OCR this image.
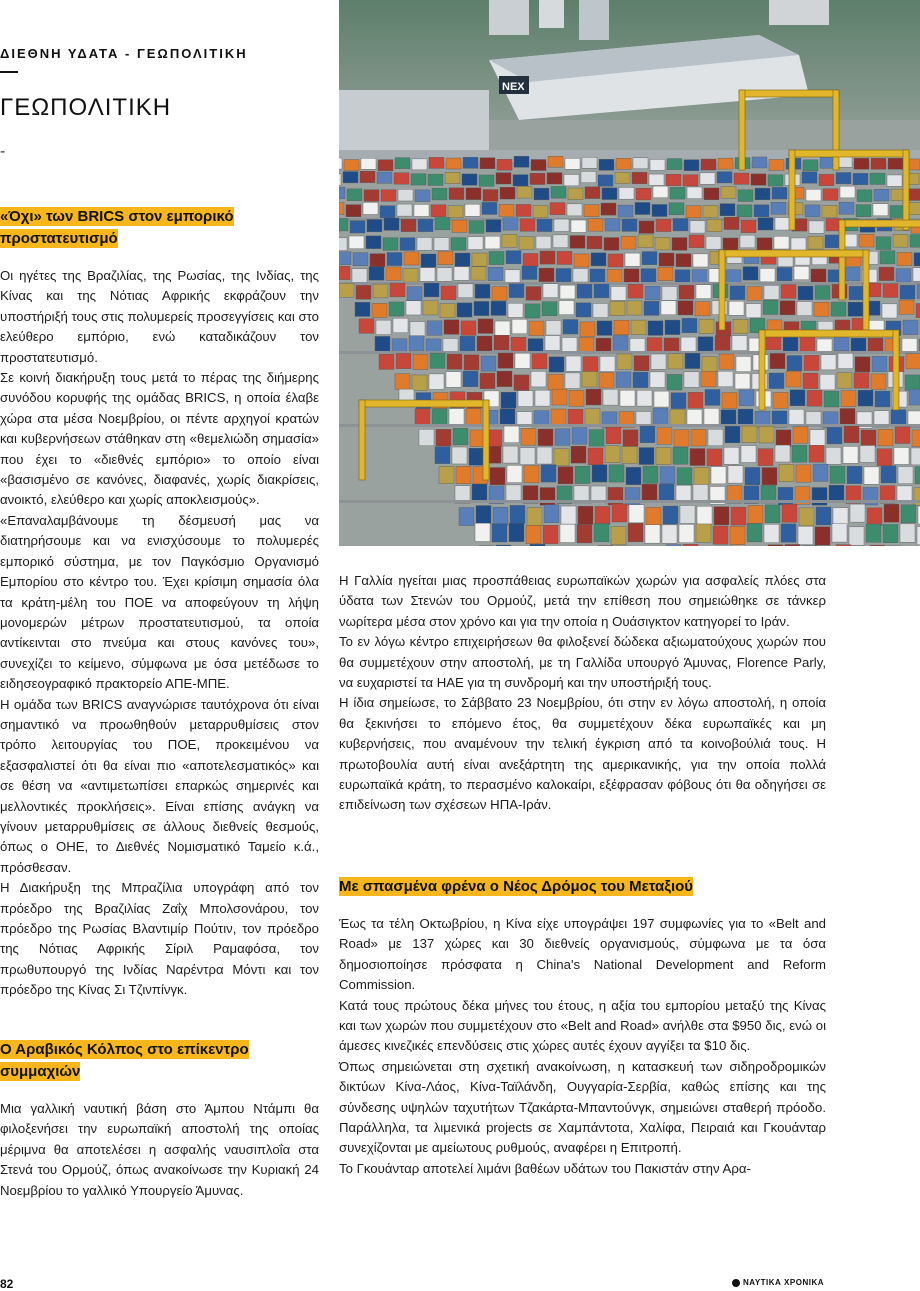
ΔΙΕΘΝΗ ΥΔΑΤΑ - ΓΕΩΠΟΛΙΤΙΚΗ
ΓΕΩΠΟΛΙΤΙΚΗ
-
«Όχι» των BRICS στον εμπορικό προστατευτισμό

Οι ηγέτες της Βραζιλίας, της Ρωσίας, της Ινδίας, της Κίνας και της Νότιας Αφρικής εκφράζουν την υποστήριξή τους στις πολυμερείς προσεγγίσεις και στο ελεύθερο εμπόριο, ενώ καταδικάζουν τον προστατευτισμό.

Σε κοινή διακήρυξη τους μετά το πέρας της διήμερης συνόδου κορυφής της ομάδας BRICS, η οποία έλαβε χώρα στα μέσα Νοεμβρίου, οι πέντε αρχηγοί κρατών και κυβερνήσεων στάθηκαν στη «θεμελιώδη σημασία» που έχει το «διεθνές εμπόριο» το οποίο είναι «βασισμένο σε κανόνες, διαφανές, χωρίς διακρίσεις, ανοικτό, ελεύθερο και χωρίς αποκλεισμούς».

«Επαναλαμβάνουμε τη δέσμευσή μας να διατηρήσουμε και να ενισχύσουμε το πολυμερές εμπορικό σύστημα, με τον Παγκόσμιο Οργανισμό Εμπορίου στο κέντρο του. Έχει κρίσιμη σημασία όλα τα κράτη-μέλη του ΠΟΕ να αποφεύγουν τη λήψη μονομερών μέτρων προστατευτισμού, τα οποία αντίκεινται στο πνεύμα και στους κανόνες του», συνεχίζει το κείμενο, σύμφωνα με όσα μετέδωσε το ειδησεογραφικό πρακτορείο ΑΠΕ-ΜΠΕ.

Η ομάδα των BRICS αναγνώρισε ταυτόχρονα ότι είναι σημαντικό να προωθηθούν μεταρρυθμίσεις στον τρόπο λειτουργίας του ΠΟΕ, προκειμένου να εξασφαλιστεί ότι θα είναι πιο «αποτελεσματικός» και σε θέση να «αντιμετωπίσει επαρκώς σημερινές και μελλοντικές προκλήσεις». Είναι επίσης ανάγκη να γίνουν μεταρρυθμίσεις σε άλλους διεθνείς θεσμούς, όπως ο ΟΗΕ, το Διεθνές Νομισματικό Ταμείο κ.ά., πρόσθεσαν.

Η Διακήρυξη της Μπραζίλια υπογράφη από τον πρόεδρο της Βραζιλίας Ζαΐχ Μπολσονάρου, τον πρόεδρο της Ρωσίας Βλαντιμίρ Πούτιν, τον πρόεδρο της Νότιας Αφρικής Σίριλ Ραμαφόσα, τον πρωθυπουργό της Ινδίας Ναρέντρα Μόντι και τον πρόεδρο της Κίνας Σι Τζινπίνγκ.

Ο Αραβικός Κόλπος στο επίκεντρο συμμαχιών

Μια γαλλική ναυτική βάση στο Άμπου Ντάμπι θα φιλοξενήσει την ευρωπαϊκή αποστολή της οποίας μέριμνα θα αποτελέσει η ασφαλής ναυσιπλοΐα στα Στενά του Ορμούζ, όπως ανακοίνωσε την Κυριακή 24 Νοεμβρίου το γαλλικό Υπουργείο Άμυνας.

NEX

Η Γαλλία ηγείται μιας προσπάθειας ευρωπαϊκών χωρών για ασφαλείς πλόες στα ύδατα των Στενών του Ορμούζ, μετά την επίθεση που σημειώθηκε σε τάνκερ νωρίτερα μέσα στον χρόνο και για την οποία η Ουάσιγκτον κατηγορεί το Ιράν.

Το εν λόγω κέντρο επιχειρήσεων θα φιλοξενεί δώδεκα αξιωματούχους χωρών που θα συμμετέχουν στην αποστολή, με τη Γαλλίδα υπουργό Άμυνας, Florence Parly, να ευχαριστεί τα ΗΑΕ για τη συνδρομή και την υποστήριξή τους.

Η ίδια σημείωσε, το Σάββατο 23 Νοεμβρίου, ότι στην εν λόγω αποστολή, η οποία θα ξεκινήσει το επόμενο έτος, θα συμμετέχουν δέκα ευρωπαϊκές και μη κυβερνήσεις, που αναμένουν την τελική έγκριση από τα κοινοβούλιά τους. Η πρωτοβουλία αυτή είναι ανεξάρτητη της αμερικανικής, για την οποία πολλά ευρωπαϊκά κράτη, το περασμένο καλοκαίρι, εξέφρασαν φόβους ότι θα οδηγήσει σε επιδείνωση των σχέσεων ΗΠΑ-Ιράν.

Με σπασμένα φρένα ο Νέος Δρόμος του Μεταξιού

Έως τα τέλη Οκτωβρίου, η Κίνα είχε υπογράψει 197 συμφωνίες για το «Belt and Road» με 137 χώρες και 30 διεθνείς οργανισμούς, σύμφωνα με τα όσα δημοσιοποίησε πρόσφατα η China's National Development and Reform Commission.

Κατά τους πρώτους δέκα μήνες του έτους, η αξία του εμπορίου μεταξύ της Κίνας και των χωρών που συμμετέχουν στο «Belt and Road» ανήλθε στα $950 δις, ενώ οι άμεσες κινεζικές επενδύσεις στις χώρες αυτές έχουν αγγίξει τα $10 δις.

Όπως σημειώνεται στη σχετική ανακοίνωση, η κατασκευή των σιδηροδρομικών δικτύων Κίνα-Λάος, Κίνα-Ταϊλάνδη, Ουγγαρία-Σερβία, καθώς επίσης και της σύνδεσης υψηλών ταχυτήτων Τζακάρτα-Μπαντούνγκ, σημειώνει σταθερή πρόοδο. Παράλληλα, τα λιμενικά projects σε Χαμπάντοτα, Χαλίφα, Πειραιά και Γκουάνταρ συνεχίζονται με αμείωτους ρυθμούς, αναφέρει η Επιτροπή.

Το Γκουάνταρ αποτελεί λιμάνι βαθέων υδάτων του Πακιστάν στην Αρα-

82	ΝΑΥΤΙΚΑ ΧΡΟΝΙΚΑ
